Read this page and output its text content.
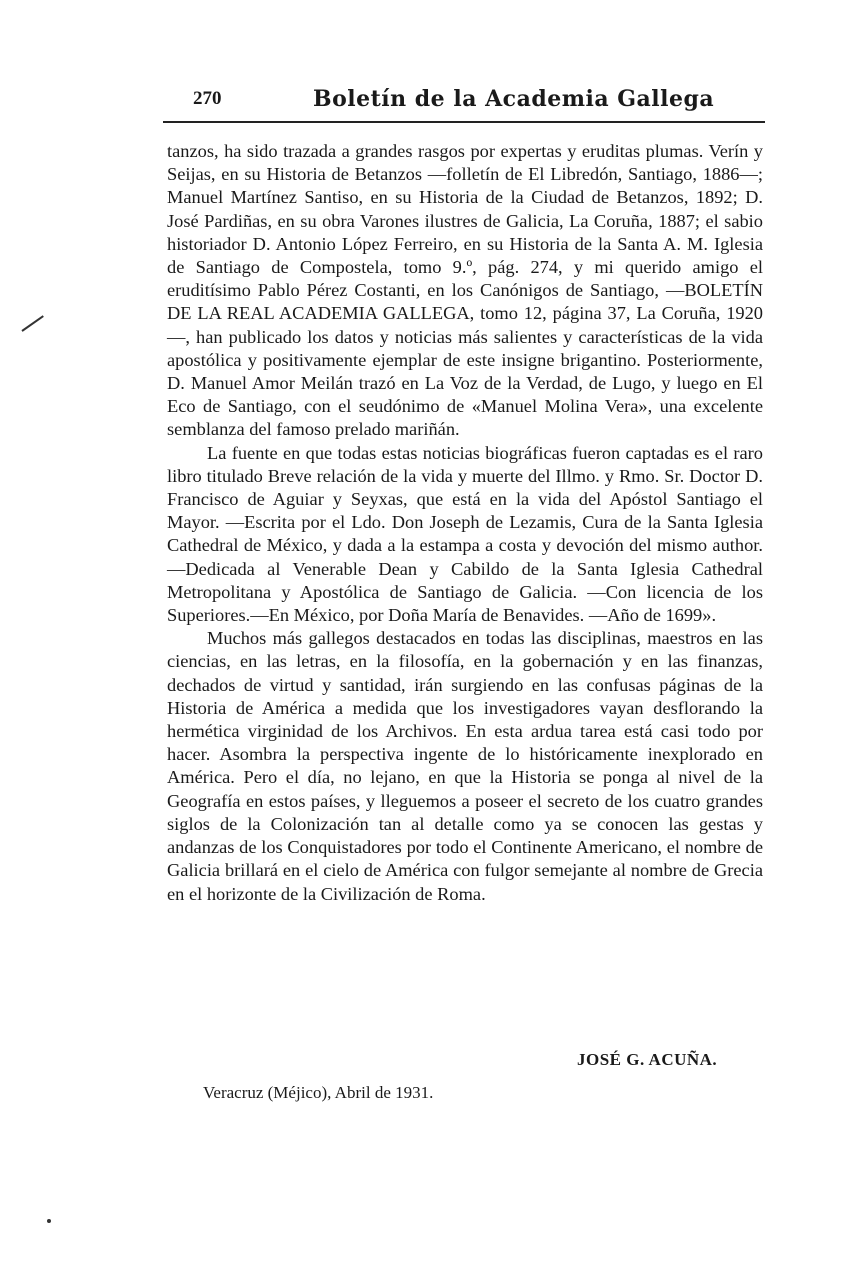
270	Boletín de la Academia Gallega

tanzos, ha sido trazada a grandes rasgos por expertas y eruditas plumas. Verín y Seijas, en su Historia de Betanzos —folletín de El Libredón, Santiago, 1886—; Manuel Martínez Santiso, en su Historia de la Ciudad de Betanzos, 1892; D. José Pardiñas, en su obra Varones ilustres de Galicia, La Coruña, 1887; el sabio historiador D. Antonio López Ferreiro, en su Historia de la Santa A. M. Iglesia de Santiago de Compostela, tomo 9.º, pág. 274, y mi querido amigo el eruditísimo Pablo Pérez Costanti, en los Canónigos de Santiago, —BOLETÍN DE LA REAL ACADEMIA GALLEGA, tomo 12, página 37, La Coruña, 1920—, han publicado los datos y noticias más salientes y características de la vida apostólica y positivamente ejemplar de este insigne brigantino. Posteriormente, D. Manuel Amor Meilán trazó en La Voz de la Verdad, de Lugo, y luego en El Eco de Santiago, con el seudónimo de «Manuel Molina Vera», una excelente semblanza del famoso prelado mariñán.

La fuente en que todas estas noticias biográficas fueron captadas es el raro libro titulado Breve relación de la vida y muerte del Illmo. y Rmo. Sr. Doctor D. Francisco de Aguiar y Seyxas, que está en la vida del Apóstol Santiago el Mayor. —Escrita por el Ldo. Don Joseph de Lezamis, Cura de la Santa Iglesia Cathedral de México, y dada a la estampa a costa y devoción del mismo author. —Dedicada al Venerable Dean y Cabildo de la Santa Iglesia Cathedral Metropolitana y Apostólica de Santiago de Galicia. —Con licencia de los Superiores.—En México, por Doña María de Benavides. —Año de 1699».

Muchos más gallegos destacados en todas las disciplinas, maestros en las ciencias, en las letras, en la filosofía, en la gobernación y en las finanzas, dechados de virtud y santidad, irán surgiendo en las confusas páginas de la Historia de América a medida que los investigadores vayan desflorando la hermética virginidad de los Archivos. En esta ardua tarea está casi todo por hacer. Asombra la perspectiva ingente de lo históricamente inexplorado en América. Pero el día, no lejano, en que la Historia se ponga al nivel de la Geografía en estos países, y lleguemos a poseer el secreto de los cuatro grandes siglos de la Colonización tan al detalle como ya se conocen las gestas y andanzas de los Conquistadores por todo el Continente Americano, el nombre de Galicia brillará en el cielo de América con fulgor semejante al nombre de Grecia en el horizonte de la Civilización de Roma.

JOSÉ G. ACUÑA.
Veracruz (Méjico), Abril de 1931.
